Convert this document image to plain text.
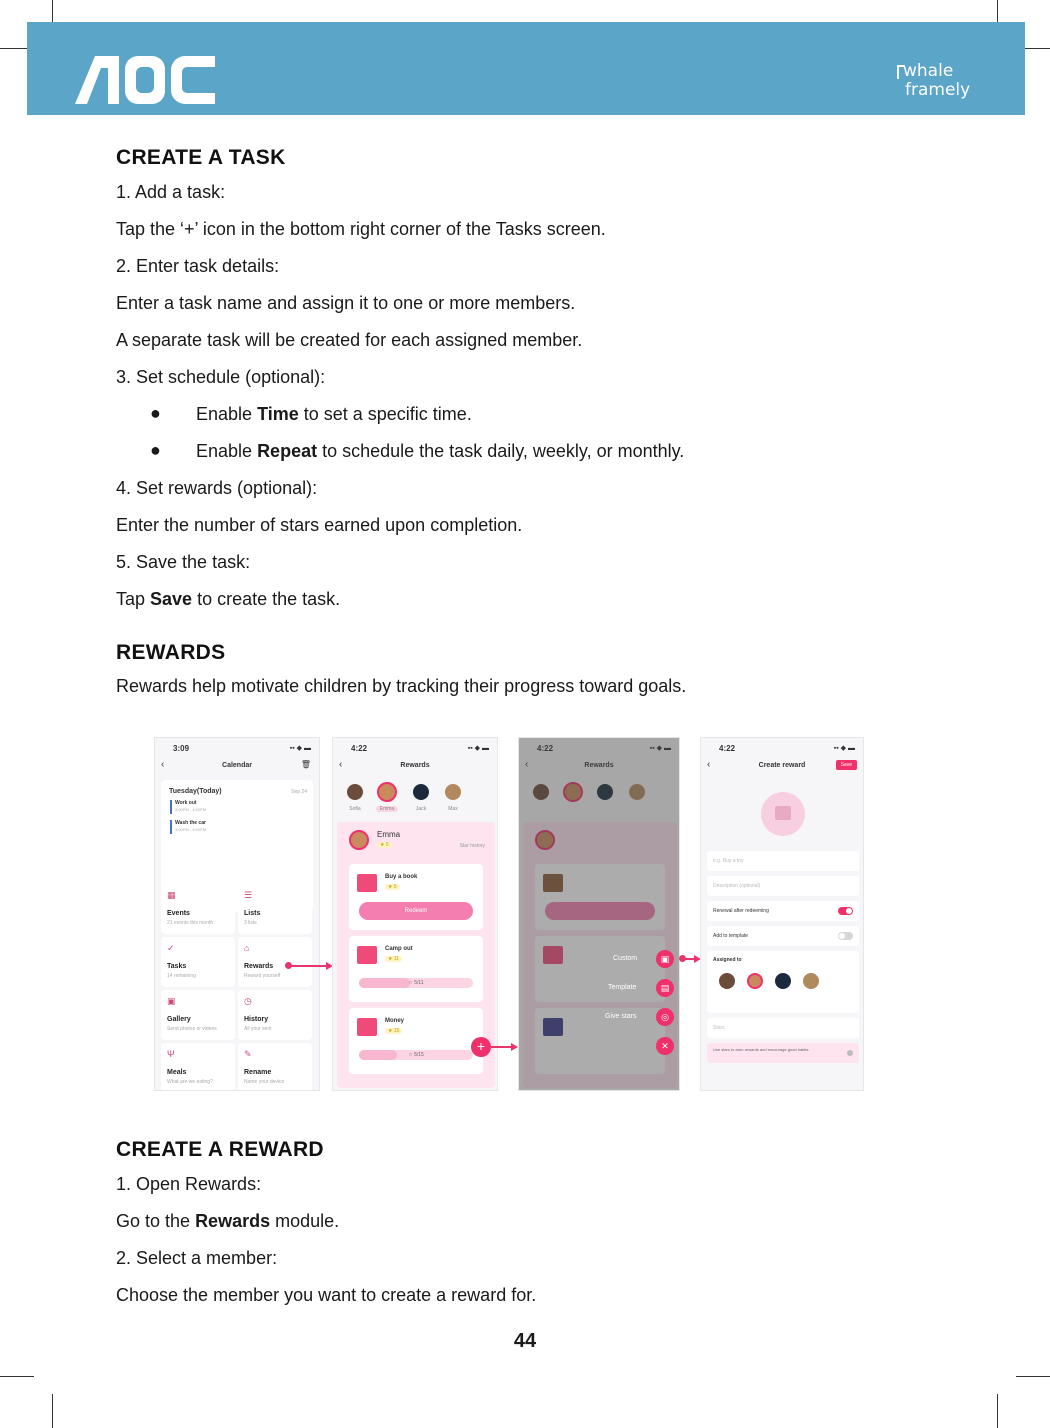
whale
framely
CREATE A TASK
1. Add a task:
Tap the ‘+’ icon in the bottom right corner of the Tasks screen.
2. Enter task details:
Enter a task name and assign it to one or more members.
A separate task will be created for each assigned member.
3. Set schedule (optional):
● Enable Time to set a specific time.
● Enable Repeat to schedule the task daily, weekly, or monthly.
4. Set rewards (optional):
Enter the number of stars earned upon completion.
5. Save the task:
Tap Save to create the task.
REWARDS
Rewards help motivate children by tracking their progress toward goals.
3:09	▪▪ ◆ ▬
‹	Calendar	🗑
Tuesday(Today)	Sep 24
Work out
3:00PM - 4:00PM
Wash the car
3:00PM - 4:00PM
▦
Events
21 events this month
☰
Lists
3 lists
✓
Tasks
14 remaining
⌂
Rewards
Reward yourself
▣
Gallery
Send photos or videos
◷
History
All your sent
Ψ
Meals
What are we eating?
✎
Rename
Name your device
4:22	▪▪ ◆ ▬
‹	Rewards
Sofia	Emma	Jack	Max
Emma
★ 5	Star history
Buy a book
★ 5
Redeem
Camp out
★ 11
☆ 5/11
Money
★ 15
☆ 5/15
+
4:22	▪▪ ◆ ▬
‹	Rewards
Custom	▣
Template	▤
Give stars	◎
✕
4:22	▪▪ ◆ ▬
‹	Create reward	Save
e.g. Buy a toy
Description (optional)
Renewal after redeeming
Add to template
Assigned to
Stars
Use stars to earn rewards and encourage good habits.
CREATE A REWARD
1. Open Rewards:
Go to the Rewards module.
2. Select a member:
Choose the member you want to create a reward for.
44
